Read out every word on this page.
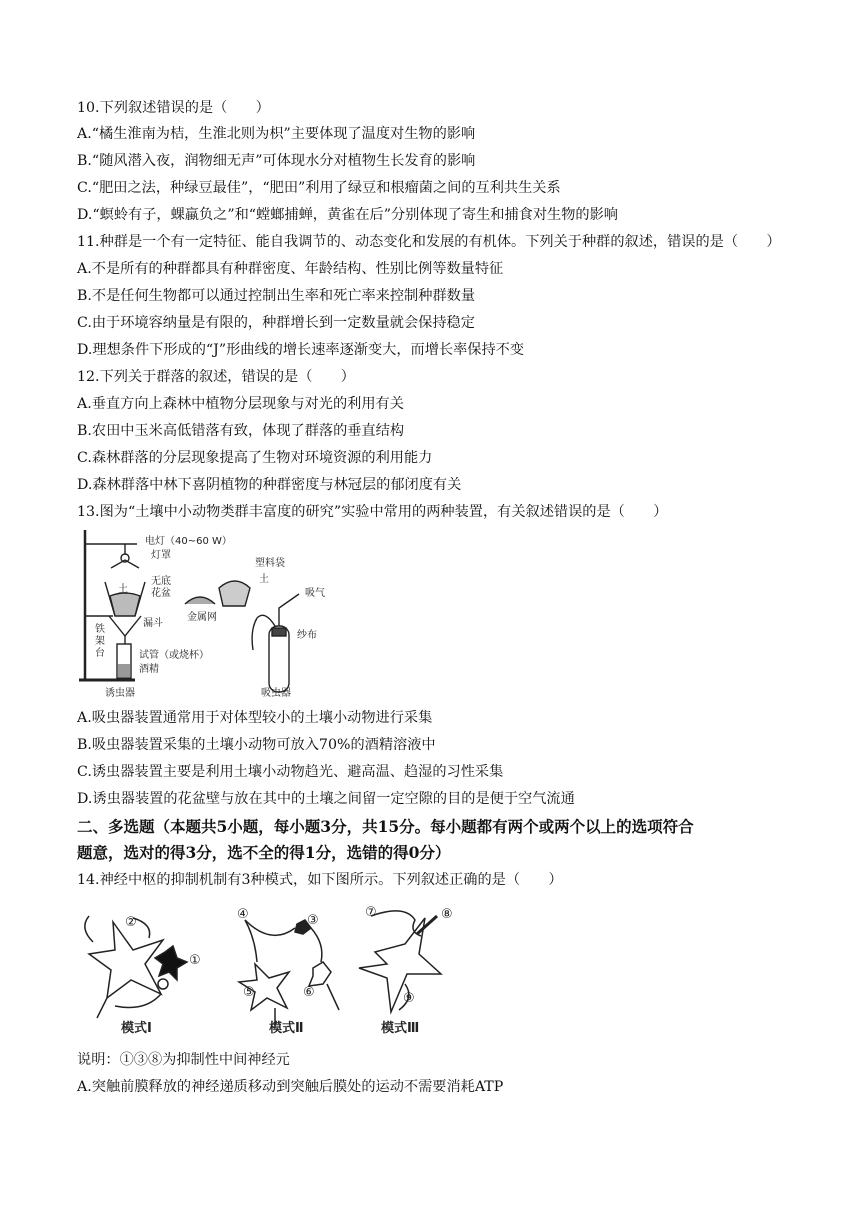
10.下列叙述错误的是（　　）
A.“橘生淮南为桔，生淮北则为枳”主要体现了温度对生物的影响
B.“随风潜入夜，润物细无声”可体现水分对植物生长发育的影响
C.“肥田之法，种绿豆最佳”，“肥田”利用了绿豆和根瘤菌之间的互利共生关系
D.“螟蛉有子，蜾蠃负之”和“螳螂捕蝉，黄雀在后”分别体现了寄生和捕食对生物的影响
11.种群是一个有一定特征、能自我调节的、动态变化和发展的有机体。下列关于种群的叙述，错误的是（　　）
A.不是所有的种群都具有种群密度、年龄结构、性别比例等数量特征
B.不是任何生物都可以通过控制出生率和死亡率来控制种群数量
C.由于环境容纳量是有限的，种群增长到一定数量就会保持稳定
D.理想条件下形成的“J”形曲线的增长速率逐渐变大，而增长率保持不变
12.下列关于群落的叙述，错误的是（　　）
A.垂直方向上森林中植物分层现象与对光的利用有关
B.农田中玉米高低错落有致，体现了群落的垂直结构
C.森林群落的分层现象提高了生物对环境资源的利用能力
D.森林群落中林下喜阴植物的种群密度与林冠层的郁闭度有关
13.图为“土壤中小动物类群丰富度的研究”实验中常用的两种装置，有关叙述错误的是（　　）
电灯（40~60 W）
灯罩
土
无底
花盆
漏斗
金属网
塑料袋
土
铁
架
台	试管（或烧杯）
酒精
诱虫器
吸气
纱布
吸虫器
A.吸虫器装置通常用于对体型较小的土壤小动物进行采集
B.吸虫器装置采集的土壤小动物可放入70%的酒精溶液中
C.诱虫器装置主要是利用土壤小动物趋光、避高温、趋湿的习性采集
D.诱虫器装置的花盆壁与放在其中的土壤之间留一定空隙的目的是便于空气流通
二、多选题（本题共5小题，每小题3分，共15分。每小题都有两个或两个以上的选项符合
题意，选对的得3分，选不全的得1分，选错的得0分）
14.神经中枢的抑制机制有3种模式，如下图所示。下列叙述正确的是（　　）
②
①
④	③
⑤	⑥
⑦	⑧
⑨
模式Ⅰ	模式Ⅱ	模式Ⅲ
说明：①③⑧为抑制性中间神经元
A.突触前膜释放的神经递质移动到突触后膜处的运动不需要消耗ATP
